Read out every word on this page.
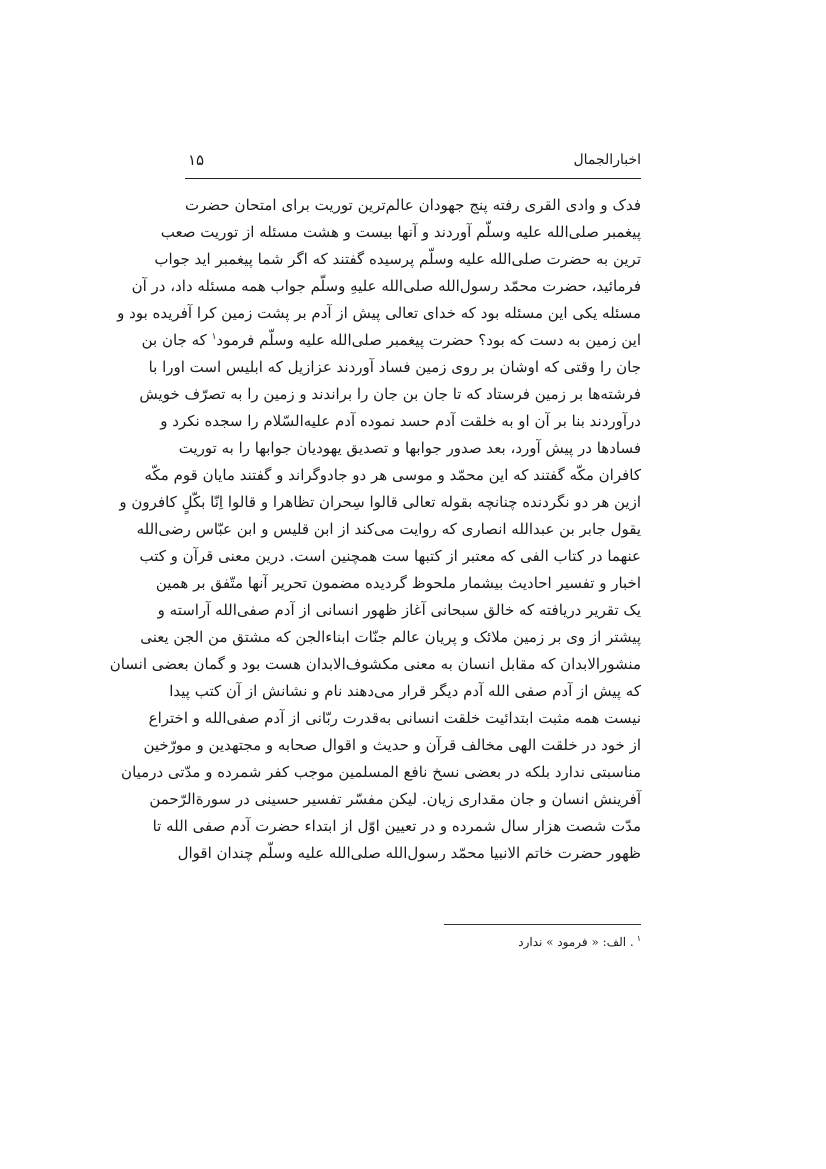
اخبارالجمال
۱۵
فدک و وادی القری رفته پنج جهودان عالم‌ترین توریت برای امتحان حضرت
پیغمبر صلی‌الله علیه وسلّم آوردند و آنها بیست و هشت مسئله از توریت صعب
ترین به حضرت صلی‌الله علیه وسلّم پرسیده گفتند که اگر شما پیغمبر اید جواب
فرمائید، حضرت محمّد رسول‌الله صلی‌الله علیهِ وسلّم جواب همه مسئله داد، در آن
مسئله یکی این مسئله بود که خدای تعالی پیش از آدم بر پشت زمین کرا آفریده بود و
این زمین به دست که بود؟ حضرت پیغمبر صلی‌الله علیه وسلّم فرمود$^۱$ که جان بن
جان را وقتی که اوشان بر روی زمین فساد آوردند عزازیل که ابلیس است اورا با
فرشته‌ها بر زمین فرستاد که تا جان بن جان را براندند و زمین را به تصرّف خویش
درآوردند بنا بر آن او به خلقت آدم حسد نموده آدم علیه‌السّلام را سجده نکرد و
فسادها در پیش آورد، بعد صدور جوابها و تصدیق یهودیان جوابها را به توریت
کافران مکّه گفتند که این محمّد و موسی هر دو جادوگراند و گفتند مایان قوم مکّه
ازین هر دو نگردنده چنانچه بقوله تعالی قالوا سِحران تظاهرا و قالوا اِنّا بکّلٍ کافرون و
یقول جابر بن عبدالله انصاری که روایت می‌کند از ابن قلیس و ابن عبّاس رضی‌الله
عنهما در کتاب الفی که معتبر از کتبها ست همچنین است. درین معنی قرآن و کتب
اخبار و تفسیر احادیث بیشمار ملحوظ گردیده مضمون تحریر آنها متّفق بر همین
یک تقریر دریافته که خالق سبحانی آغاز ظهور انسانی از آدم صفی‌الله آراسته و
پیشتر از وی بر زمین ملائک و پریان عالم جنّات ابناءالجن که مشتق من الجن یعنی
منشورالابدان که مقابل انسان به معنی مکشوف‌الابدان هست بود و گمان بعضی انسان
که پیش از آدم صفی الله آدم دیگر قرار می‌دهند نام و نشانش از آن کتب پیدا
نیست همه مثبت ابتدائیت خلقت انسانی به‌قدرت ربّانی از آدم صفی‌الله و اختراع
از خود در خلقت الهی مخالف قرآن و حدیث و اقوال صحابه و مجتهدین و مورّخین
مناسبتی ندارد بلکه در بعضی نسخ نافع المسلمین موجب کفر شمرده و مدّتی درمیان
آفرینش انسان و جان مقداری زیان. لیکن مفسّر تفسیر حسینی در سورةالرّحمن
مدّت شصت هزار سال شمرده و در تعیین اوّل از ابتداء حضرت آدم صفی الله تا
ظهور حضرت خاتم الانبیا محمّد رسول‌الله صلی‌الله علیه وسلّم چندان اقوال
$^۱$. الف: « فرمود » ندارد
